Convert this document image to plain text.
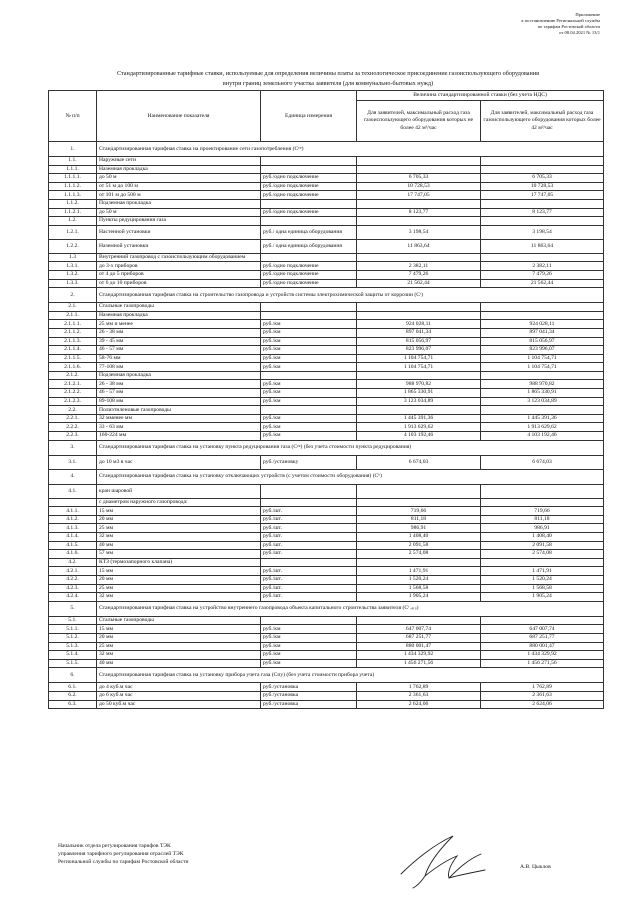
Приложение
к постановлению Региональной службы
по тарифам Ростовской области
от 08.04.2021 № 13/1
Стандартизированные тарифные ставки, используемые для определения величины платы за технологическое присоединение газоиспользующего оборудования
внутри границ земельного участка заявителя (для коммунально-бытовых нужд)
№ п/п	Наименование показателя	Единица измерения	Величина стандартизированной ставки (без учета НДС)	
			Для заявителей, максимальный расход газа газоиспользующего оборудования которых не более 42 м³/час	Для заявителей, максимальный расход газа газоиспользующего оборудования которых более 42 м³/час
1.	Стандартизированная тарифная ставка на проектирование сети газопотребления (Cᵖᵖ)			
1.1.	Наружные сети			
1.1.1.	Наземная прокладка			
1.1.1.1.	до 50 м	руб./одно подключение	6 705,33	6 705,33
1.1.1.2.	от 51 м до 100 м	руб./одно подключение	10 728,53	10 728,53
1.1.1.3.	от 101 м до 500 м	руб./одно подключение	17 747,05	17 747,05
1.1.2.	Подземная прокладка			
1.1.2.1.	до 50 м	руб./одно подключение	8 123,77	8 123,77
1.2.	Пункты редуцирования газа			
1.2.1.	Настенной установки	руб./ одна единица оборудования	3 198,54	3 198,54
1.2.2.	Наземной установки	руб./ одна единица оборудования	11 863,64	11 863,64
1.3	Внутренний газопровод с газоиспользующим оборудованием			
1.3.1.	до 3-х приборов	руб./одно подключение	2 382,11	2 382,11
1.3.2.	от 4 до 5 приборов	руб./одно подключение	7 479,26	7 479,26
1.3.3.	от 6 до 10 приборов	руб./одно подключение	21 562,44	21 562,44
2.	Стандартизированная тарифная ставка на строительство газопровода и устройств системы электрохимической защиты от коррозии (Cᵗ)			
2.1.	Стальные газопроводы			
2.1.1.	Наземная прокладка			
2.1.1.1.	25 мм и менее	руб./км	924 028,11	924 028,11
2.1.1.2.	26 - 38 мм	руб./км	897 041,34	897 041,34
2.1.1.3.	39 - 45 мм	руб./км	815 056,97	815 056,97
2.1.1.4.	46 - 57 мм	руб./км	823 996,07	823 996,07
2.1.1.5.	58-76 мм	руб./км	1 104 754,71	1 104 754,71
2.1.1.6.	77-108 мм	руб./км	1 104 754,71	1 104 754,71
2.1.2.	Подземная прокладка			
2.1.2.1.	26 - 38 мм	руб./км	988 970,82	988 970,82
2.1.2.2.	46 - 57 мм	руб./км	1 865 330,91	1 865 330,91
2.1.2.3.	89-108 мм	руб./км	3 123 034,89	3 123 034,89
2.2.	Полиэтиленовые газопроводы			
2.2.1.	32 мменее мм	руб./км	1 445 391,36	1 445 391,36
2.2.2.	33 - 63 мм	руб./км	1 913 629,62	1 913 629,62
2.2.3.	160-224 мм	руб./км	4 103 192,46	4 103 192,46
3.	Стандартизированная тарифная ставка на установку пункта редуцирования газа (Cᵖᵍ) (без учета стоимости пункта редуцирования)			
3.1.	до 10 м3 в час	руб./установку	6 674,03	6 674,03
4.	Стандартизированная тарифная ставка на установку отключающих устройств (с учетом стоимости оборудования) (Cᵏ)			
4.1.	кран шаровой			
	с диаметром наружного газопровода:			
4.1.1.	15 мм	руб./шт.	719,66	719,66
4.1.2.	20 мм	руб./шт.	811,18	811,18
4.1.3.	25 мм	руб./шт.	986,91	986,91
4.1.4.	32 мм	руб./шт.	1 408,40	1 408,40
4.1.5.	40 мм	руб./шт.	2 091,58	2 091,58
4.1.6.	57 мм	руб./шт.	2 574,08	2 574,08
4.2.	КТЗ (термозапорного клапана)			
4.2.1.	15 мм	руб./шт.	1 471,91	1 471,91
4.2.2.	20 мм	руб./шт.	1 520,24	1 520,24
4.2.3.	25 мм	руб./шт.	1 568,58	1 568,58
4.2.4.	32 мм	руб./шт.	1 905,24	1 905,24
5.	Стандартизированная тарифная ставка на устройство внутреннего газопровода объекта капитального строительства заявителя (Cᵗ ₒₖₛ)			
5.1.	Стальные газопроводы			
5.1.1.	15 мм	руб./км	647 007,74	647 007,74
5.1.2.	20 мм	руб./км	687 251,77	687 251,77
5.1.3.	25 мм	руб./км	880 001,47	880 001,47
5.1.4.	32 мм	руб./км	1 434 329,92	1 434 329,92
5.1.5.	40 мм	руб./км	1 456 271,56	1 456 271,56
6.	Стандартизированная тарифная ставка на установку прибора учета газа (Cпу) (без учета стоимости прибора учета)			
6.1.	до 4 куб.м час	руб./установка	1 762,89	1 762,89
6.2.	до 6 куб.м час	руб./установка	2 361,63	2 361,63
6.3.	до 50 куб.м час	руб./установка	2 624,06	2 624,06
Начальник отдела регулирования тарифов ТЭК
управления тарифного регулирования отраслей ТЭК
Региональной службы по тарифам Ростовской области
А.В. Цыклов
